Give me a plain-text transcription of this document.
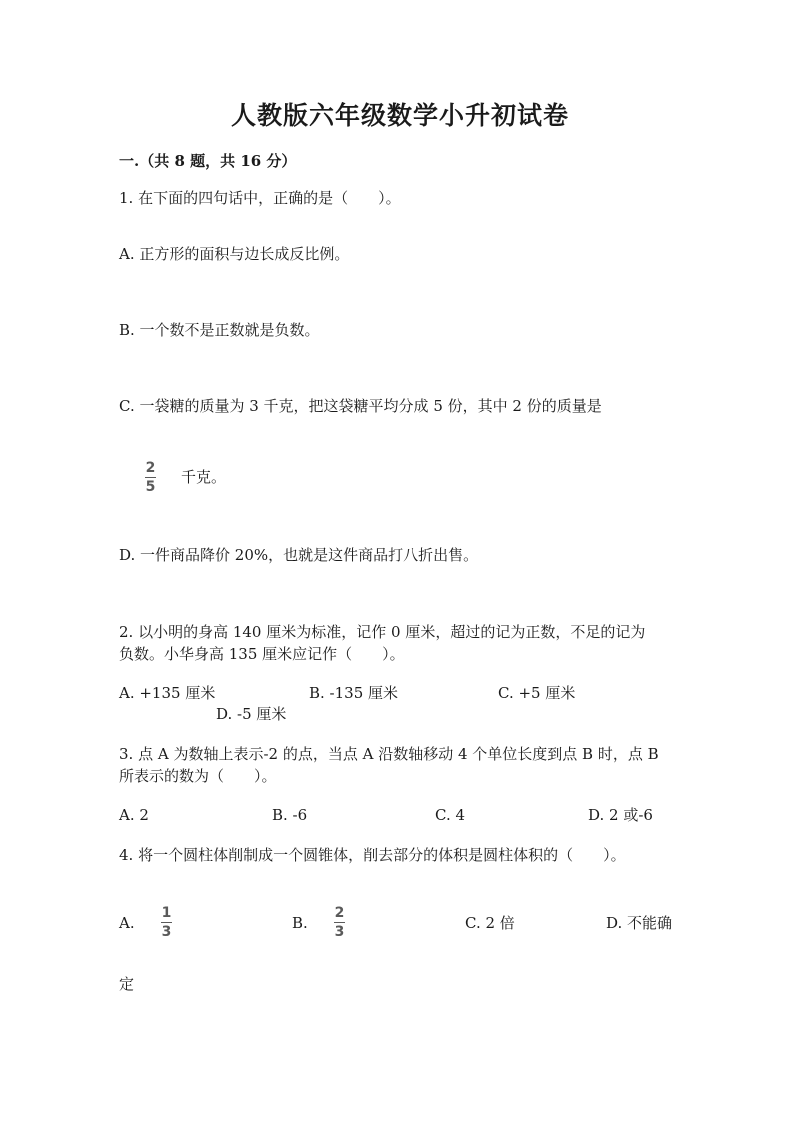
人教版六年级数学小升初试卷
一.（共 8 题，共 16 分）
1. 在下面的四句话中，正确的是（　　）。
A. 正方形的面积与边长成反比例。
B. 一个数不是正数就是负数。
C. 一袋糖的质量为 3 千克，把这袋糖平均分成 5 份，其中 2 份的质量是
2
5
千克。
D. 一件商品降价 20%，也就是这件商品打八折出售。
2. 以小明的身高 140 厘米为标准，记作 0 厘米，超过的记为正数，不足的记为
负数。小华身高 135 厘米应记作（　　）。
A. +135 厘米	B. -135 厘米	C. +5 厘米
D. -5 厘米
3. 点 A 为数轴上表示-2 的点，当点 A 沿数轴移动 4 个单位长度到点 B 时，点 B
所表示的数为（　　）。
A. 2	B. -6	C. 4	D. 2 或-6
4. 将一个圆柱体削制成一个圆锥体，削去部分的体积是圆柱体积的（　　）。
A.
1
3	B.
2
3	C. 2 倍	D. 不能确
定
